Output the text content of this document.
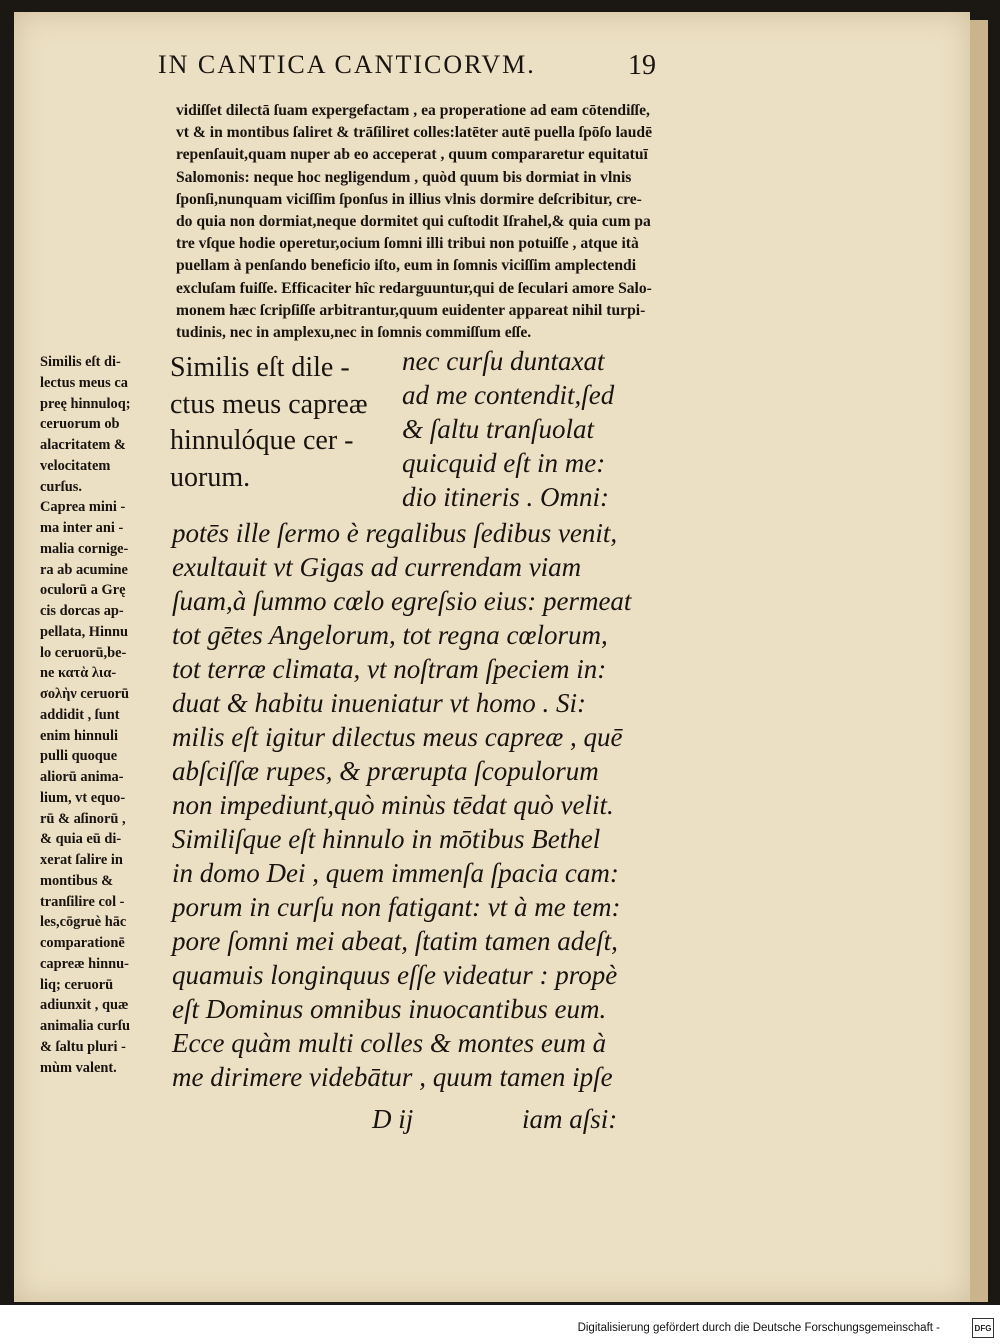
IN CANTICA CANTICORVM.	19
vidiſſet dilectā ſuam expergefactam , ea properatione ad eam cōtendiſſe,
vt & in montibus ſaliret & trāſiliret colles:latēter autē puella ſpōſo laudē
repenſauit,quam nuper ab eo acceperat , quum compararetur equitatuī
Salomonis: neque hoc negligendum , quòd quum bis dormiat in vlnis
ſponſi,nunquam viciſſim ſponſus in illius vlnis dormire deſcribitur, cre-
do quia non dormiat,neque dormitet qui cuſtodit Iſrahel,& quia cum pa
tre vſque hodie operetur,ocium ſomni illi tribui non potuiſſe , atque ità
puellam à penſando beneficio iſto, eum in ſomnis viciſſim amplectendi
excluſam fuiſſe. Efficaciter hîc redarguuntur,qui de ſeculari amore Salo-
monem hæc ſcripſiſſe arbitrantur,quum euidenter appareat nihil turpi-
tudinis, nec in amplexu,nec in ſomnis commiſſum eſſe.
Similis eſt di-
lectus meus ca
preę hinnuloq;
ceruorum ob
alacritatem &
velocitatem
curſus.
Caprea mini -
ma inter ani -
malia cornige-
ra ab acumine
oculorū a Grę
cis dorcas ap-
pellata, Hinnu
lo ceruorū,be-
ne κατὰ λια-
σολὴν ceruorū
addidit , ſunt
enim hinnuli
pulli quoque
aliorū anima-
lium, vt equo-
rū & aſinorū ,
& quia eū di-
xerat ſalire in
montibus &
tranſilire col -
les,cōgruè hāc
comparationē
capreæ hinnu-
liq; ceruorū
adiunxit , quæ
animalia curſu
& ſaltu pluri -
mùm valent.
Similis eſt dile -
ctus meus capreæ
hinnulóque cer -
uorum.
nec curſu duntaxat
ad me contendit,ſed
& ſaltu tranſuolat
quicquid eſt in me:
dio itineris . Omni:
potēs ille ſermo è regalibus ſedibus venit,
exultauit vt Gigas ad currendam viam
ſuam,à ſummo cœlo egreſsio eius: permeat
tot gētes Angelorum, tot regna cœlorum,
tot terræ climata, vt noſtram ſpeciem in:
duat & habitu inueniatur vt homo . Si:
milis eſt igitur dilectus meus capreæ , quē
abſciſſæ rupes, & prærupta ſcopulorum
non impediunt,quò minùs tēdat quò velit.
Similiſque eſt hinnulo in mōtibus Bethel
in domo Dei , quem immenſa ſpacia cam:
porum in curſu non fatigant: vt à me tem:
pore ſomni mei abeat, ſtatim tamen adeſt,
quamuis longinquus eſſe videatur : propè
eſt Dominus omnibus inuocantibus eum.
Ecce quàm multi colles & montes eum à
me dirimere videbātur , quum tamen ipſe
D ij	iam aſsi:
Digitalisierung gefördert durch die Deutsche Forschungsgemeinschaft -	DFG
